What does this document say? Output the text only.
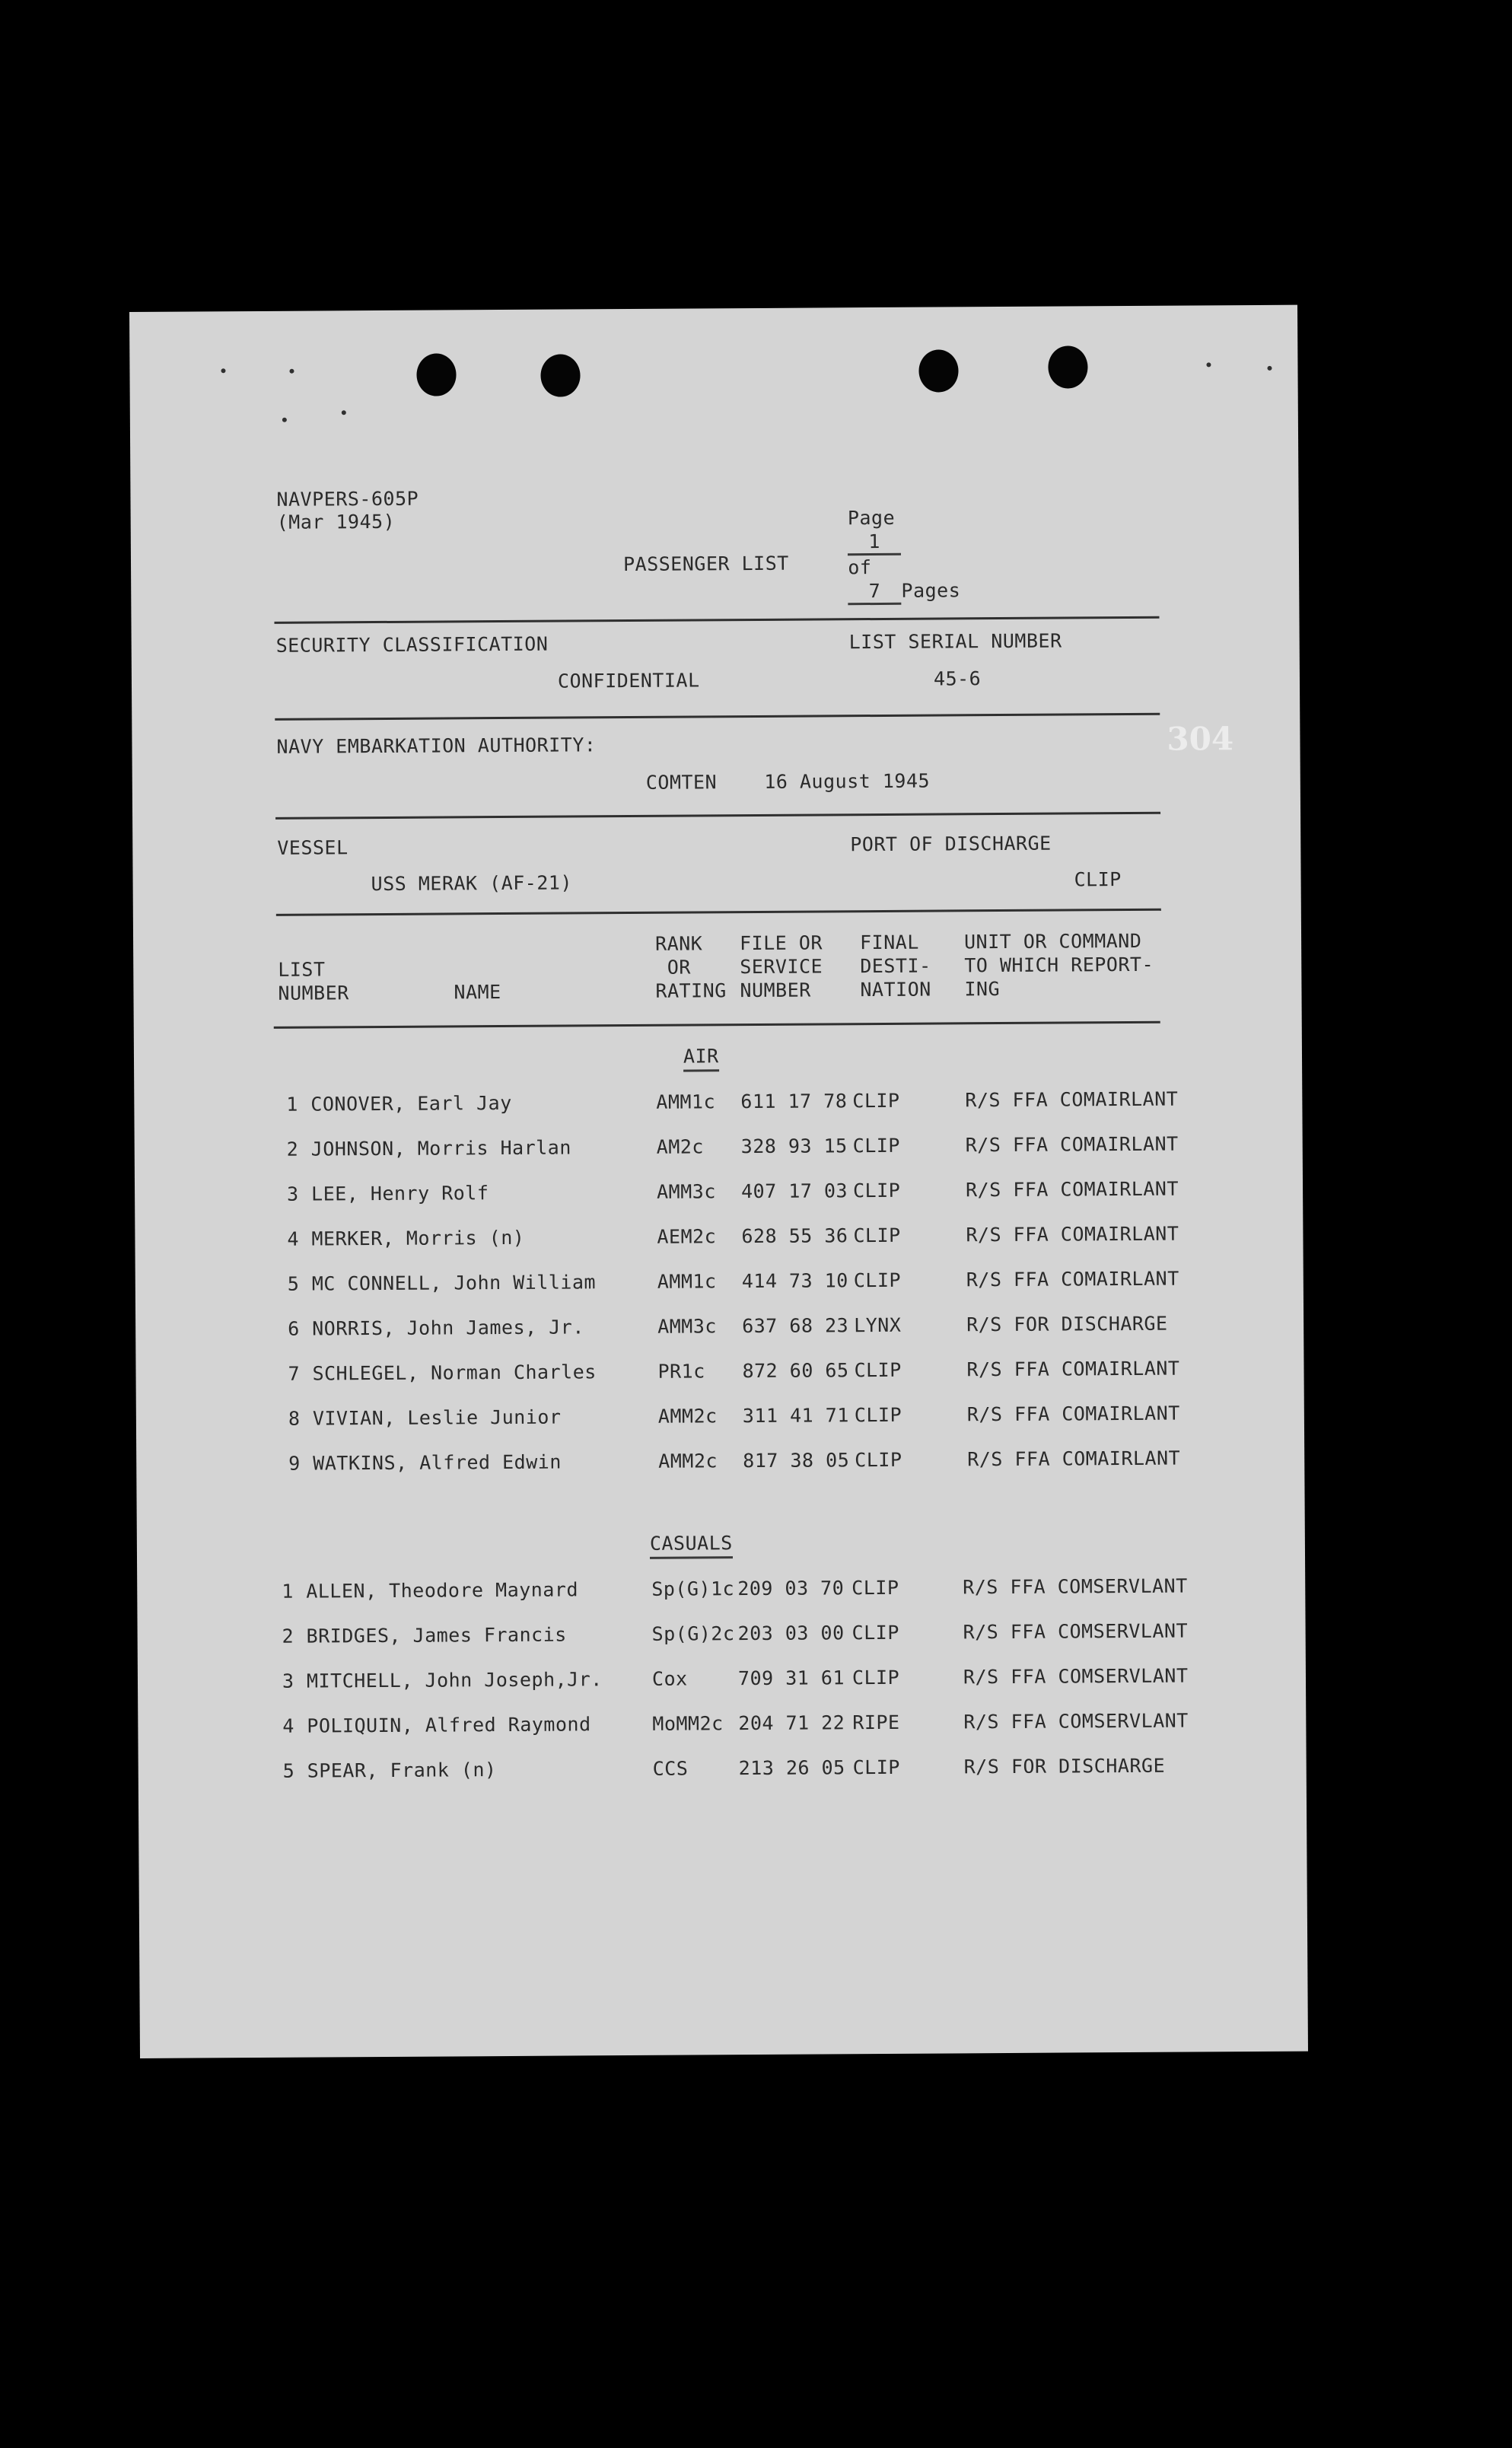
NAVPERS-605P
(Mar 1945)	Page
1
of
7 Pages

PASSENGER LIST
SECURITY CLASSIFICATION	LIST SERIAL NUMBER
CONFIDENTIAL	45-6
NAVY EMBARKATION AUTHORITY:
COMTEN    16 August 1945
304
VESSEL	PORT OF DISCHARGE
USS MERAK (AF-21)	CLIP
LIST
NUMBER	NAME
RANK
OR
RATING
FILE OR
SERVICE
NUMBER
FINAL
DESTI-
NATION
UNIT OR COMMAND
TO WHICH REPORT-
ING
AIR
1 CONOVER, Earl Jay	AMM1c 611 17 78 CLIP	R/S FFA COMAIRLANT
2 JOHNSON, Morris Harlan	AM2c 328 93 15 CLIP	R/S FFA COMAIRLANT
3 LEE, Henry Rolf	AMM3c 407 17 03 CLIP	R/S FFA COMAIRLANT
4 MERKER, Morris (n)	AEM2c 628 55 36 CLIP	R/S FFA COMAIRLANT
5 MC CONNELL, John William	AMM1c 414 73 10 CLIP	R/S FFA COMAIRLANT
6 NORRIS, John James, Jr.	AMM3c 637 68 23 LYNX	R/S FOR DISCHARGE
7 SCHLEGEL, Norman Charles	PR1c 872 60 65 CLIP	R/S FFA COMAIRLANT
8 VIVIAN, Leslie Junior	AMM2c 311 41 71 CLIP	R/S FFA COMAIRLANT
9 WATKINS, Alfred Edwin	AMM2c 817 38 05 CLIP	R/S FFA COMAIRLANT
CASUALS
1 ALLEN, Theodore Maynard	Sp(G)1c 209 03 70 CLIP	R/S FFA COMSERVLANT
2 BRIDGES, James Francis	Sp(G)2c 203 03 00 CLIP	R/S FFA COMSERVLANT
3 MITCHELL, John Joseph,Jr.	Cox	709 31 61 CLIP	R/S FFA COMSERVLANT
4 POLIQUIN, Alfred Raymond	MoMM2c 204 71 22 RIPE	R/S FFA COMSERVLANT
5 SPEAR, Frank (n)	CCS	213 26 05 CLIP	R/S FOR DISCHARGE
